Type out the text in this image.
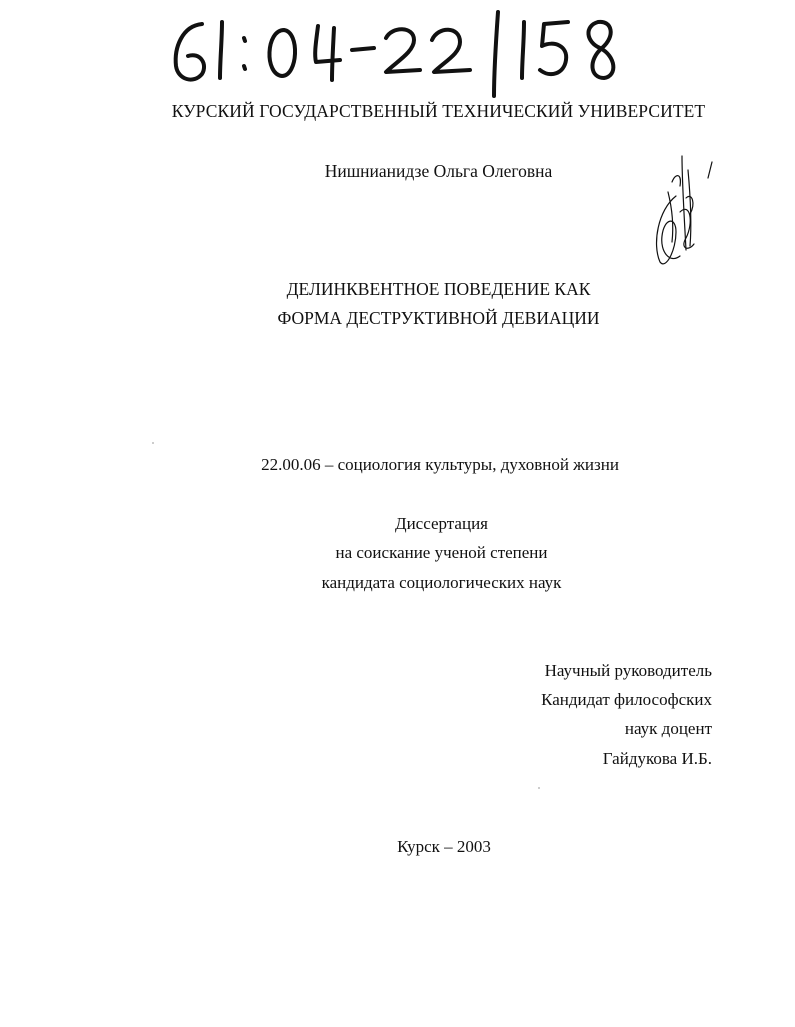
КУРСКИЙ ГОСУДАРСТВЕННЫЙ ТЕХНИЧЕСКИЙ УНИВЕРСИТЕТ
Нишнианидзе Ольга Олеговна
ДЕЛИНКВЕНТНОЕ ПОВЕДЕНИЕ КАК
ФОРМА ДЕСТРУКТИВНОЙ ДЕВИАЦИИ
22.00.06 – социология культуры, духовной жизни
Диссертация
на соискание ученой степени
кандидата социологических наук
Научный руководитель
Кандидат философских
наук доцент
Гайдукова И.Б.
Курск – 2003
